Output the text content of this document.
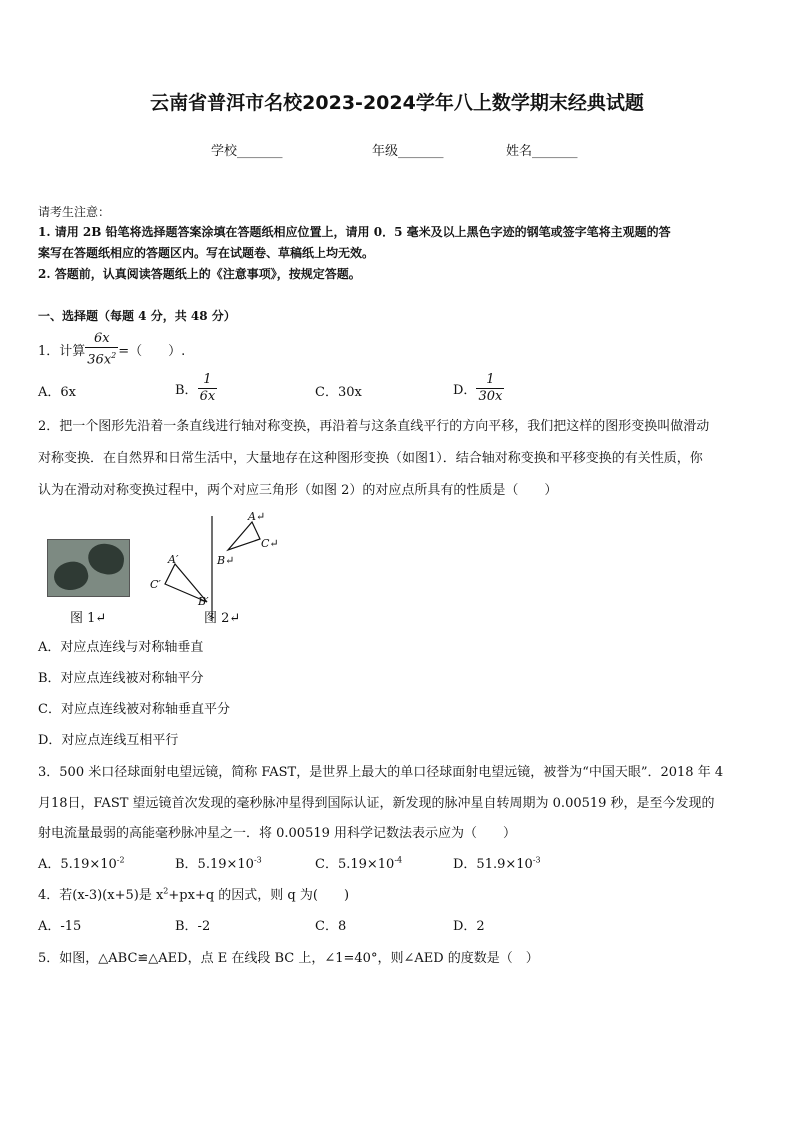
云南省普洱市名校2023-2024学年八上数学期末经典试题
学校_______	年级_______	姓名_______
请考生注意：
1. 请用 2B 铅笔将选择题答案涂填在答题纸相应位置上，请用 0．5 毫米及以上黑色字迹的钢笔或签字笔将主观题的答
案写在答题纸相应的答题区内。写在试题卷、草稿纸上均无效。
2. 答题前，认真阅读答题纸上的《注意事项》，按规定答题。
一、选择题（每题 4 分，共 48 分）
1．计算 $\frac{6x}{36x^2}$ =（　　）.
A．6x	B． $\frac{1}{6x}$	C．30x	D． $\frac{1}{30x}$
2．把一个图形先沿着一条直线进行轴对称变换，再沿着与这条直线平行的方向平移，我们把这样的图形变换叫做滑动
对称变换．在自然界和日常生活中，大量地存在这种图形变换（如图1）．结合轴对称变换和平移变换的有关性质，你
认为在滑动对称变换过程中，两个对应三角形（如图 2）的对应点所具有的性质是（　　）
图 1↵
A↵
C↵
B↵
A′
C′
B′
图 2↵
A．对应点连线与对称轴垂直
B．对应点连线被对称轴平分
C．对应点连线被对称轴垂直平分
D．对应点连线互相平行
3．500 米口径球面射电望远镜，简称 FAST，是世界上最大的单口径球面射电望远镜，被誉为“中国天眼”．2018 年 4
月18日，FAST 望远镜首次发现的毫秒脉冲星得到国际认证，新发现的脉冲星自转周期为 0.00519 秒，是至今发现的
射电流量最弱的高能毫秒脉冲星之一．将 0.00519 用科学记数法表示应为（　　）
A．$5.19\times 10^{-2}$	B．$5.19\times 10^{-3}$	C．$5.19\times 10^{-4}$	D．$51.9\times 10^{-3}$
4．若(x-3)(x+5)是 $x^2+px+q$ 的因式，则 q 为(　　)
A．-15	B．-2	C．8	D．2
5．如图，△ABC≌△AED，点 E 在线段 BC 上，∠1=40°，则∠AED 的度数是（　）
